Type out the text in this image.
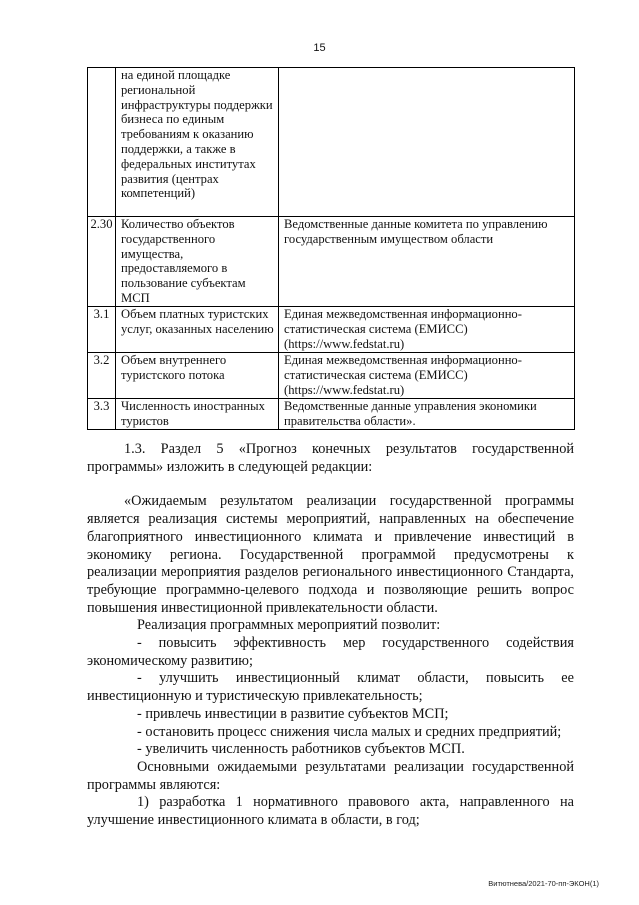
15
	на единой площадке региональной инфраструктуры поддержки бизнеса по единым требованиям к оказанию поддержки, а также в федеральных институтах развития (центрах компетенций)	
2.30	Количество объектов государственного имущества, предоставляемого в пользование субъектам МСП	Ведомственные данные комитета по управлению государственным имуществом области
3.1	Объем платных туристских услуг, оказанных населению	Единая межведомственная информационно-статистическая система (ЕМИСС) (https://www.fedstat.ru)
3.2	Объем внутреннего туристского потока	Единая межведомственная информационно-статистическая система (ЕМИСС) (https://www.fedstat.ru)
3.3	Численность иностранных туристов	Ведомственные данные управления экономики правительства области».

1.3. Раздел 5 «Прогноз конечных результатов государственной программы» изложить в следующей редакции:

«Ожидаемым результатом реализации государственной программы является реализация системы мероприятий, направленных на обеспечение благоприятного инвестиционного климата и привлечение инвестиций в экономику региона. Государственной программой предусмотрены к реализации мероприятия разделов регионального инвестиционного Стандарта, требующие программно-целевого подхода и позволяющие решить вопрос повышения инвестиционной привлекательности области.

Реализация программных мероприятий позволит:

- повысить эффективность мер государственного содействия экономическому развитию;

- улучшить инвестиционный климат области, повысить ее инвестиционную и туристическую привлекательность;

- привлечь инвестиции в развитие субъектов МСП;

- остановить процесс снижения числа малых и средних предприятий;

- увеличить численность работников субъектов МСП.

Основными ожидаемыми результатами реализации государственной программы являются:

1) разработка 1 нормативного правового акта, направленного на улучшение инвестиционного климата в области, в год;

Витютнева/2021-70-пп-ЭКОН(1)
